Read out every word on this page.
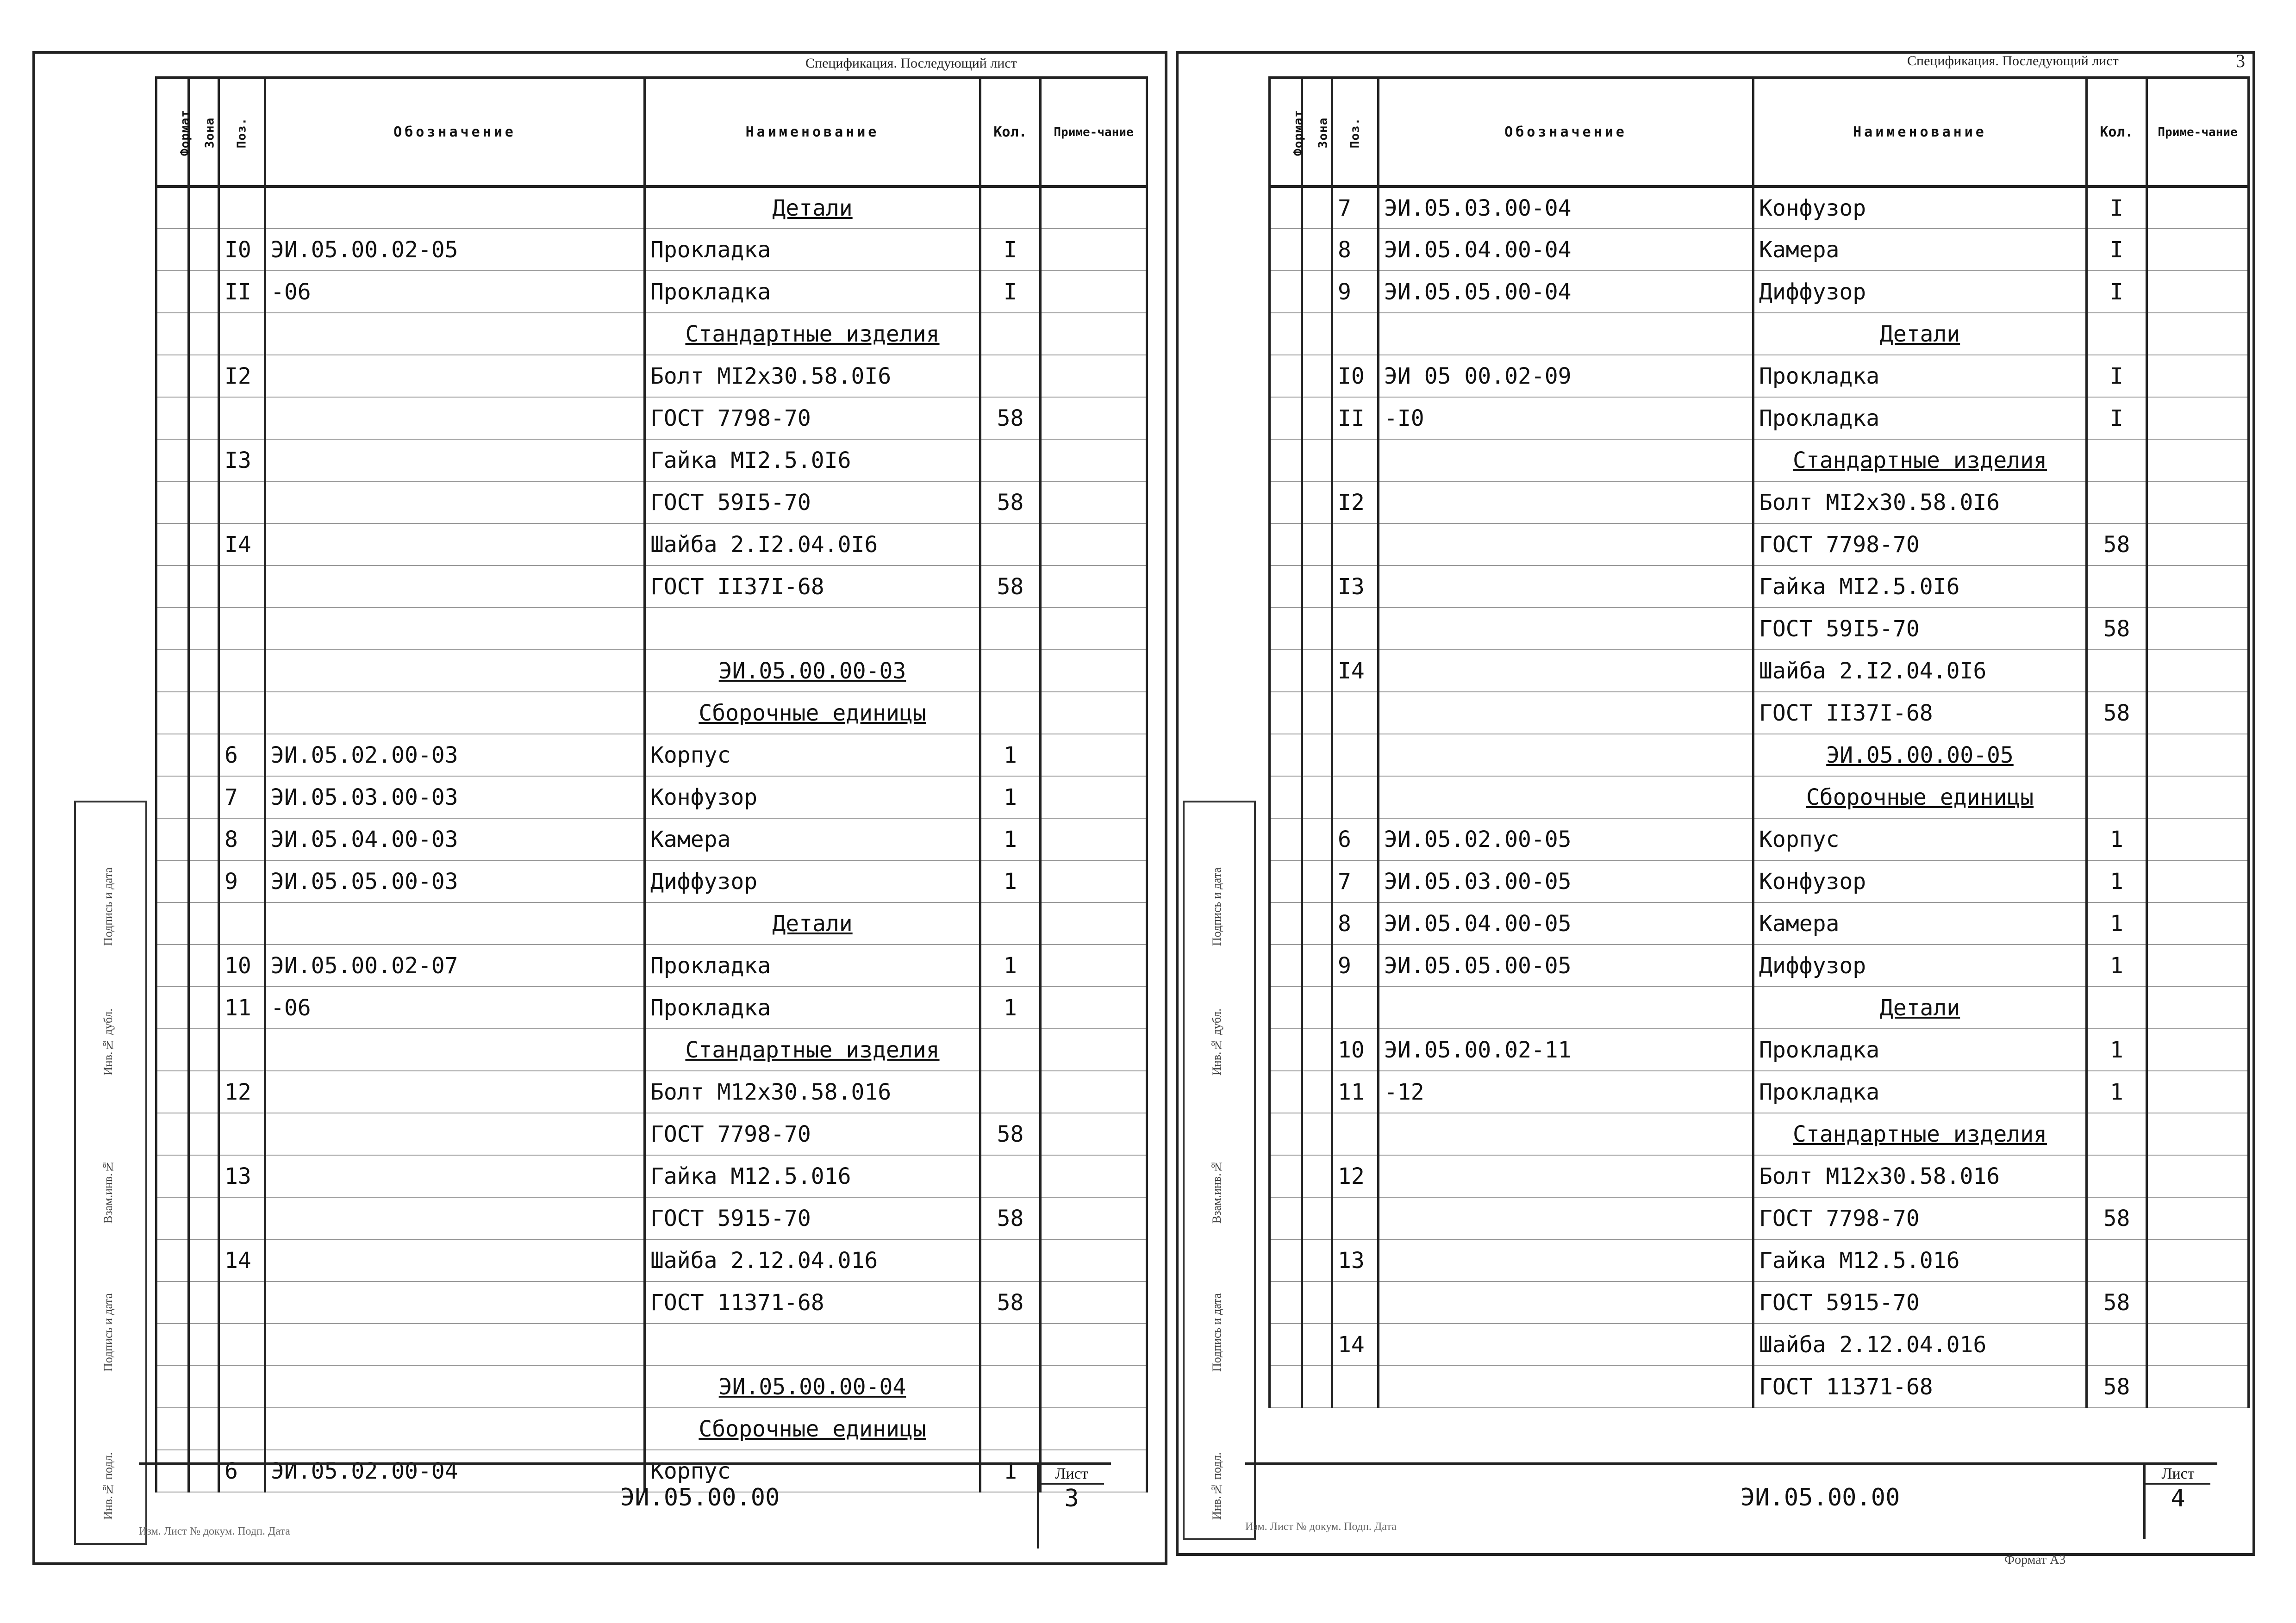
Спецификация. Последующий лист
Формат	Зона	Поз.	Обозначение	Наименование	Кол.	Приме-чание
				Детали		
		I0	ЭИ.05.00.02-05	Прокладка	I	
		II	-06	Прокладка	I	
				Стандартные изделия		
		I2		Болт MI2x30.58.0I6		
				ГОСТ 7798-70	58	
		I3		Гайка MI2.5.0I6		
				ГОСТ 59I5-70	58	
		I4		Шайба 2.I2.04.0I6		
				ГОСТ II37I-68	58	

				ЭИ.05.00.00-03		
				Сборочные единицы		
		6	ЭИ.05.02.00-03	Корпус	1	
		7	ЭИ.05.03.00-03	Конфузор	1	
		8	ЭИ.05.04.00-03	Камера	1	
		9	ЭИ.05.05.00-03	Диффузор	1	
				Детали		
		10	ЭИ.05.00.02-07	Прокладка	1	
		11	-06	Прокладка	1	
				Стандартные изделия		
		12		Болт M12x30.58.016		
				ГОСТ 7798-70	58	
		13		Гайка M12.5.016		
				ГОСТ 5915-70	58	
		14		Шайба 2.12.04.016		
				ГОСТ 11371-68	58	

				ЭИ.05.00.00-04		
				Сборочные единицы		
		6	ЭИ.05.02.00-04	Корпус	1	
Подпись и дата
Инв.№ дубл.
Взам.инв.№
Подпись и дата
Инв.№ подл.	ЭИ.05.00.00
Лист
3
Изм. Лист № докум. Подп. Дата
Спецификация. Последующий лист	3
Формат	Зона	Поз.	Обозначение	Наименование	Кол.	Приме-чание
		7	ЭИ.05.03.00-04	Конфузор	I	
		8	ЭИ.05.04.00-04	Камера	I	
		9	ЭИ.05.05.00-04	Диффузор	I	
				Детали		
		I0	ЭИ 05 00.02-09	Прокладка	I	
		II	-I0	Прокладка	I	
				Стандартные изделия		
		I2		Болт MI2x30.58.0I6		
				ГОСТ 7798-70	58	
		I3		Гайка MI2.5.0I6		
				ГОСТ 59I5-70	58	
		I4		Шайба 2.I2.04.0I6		
				ГОСТ II37I-68	58	
				ЭИ.05.00.00-05		
				Сборочные единицы		
		6	ЭИ.05.02.00-05	Корпус	1	
		7	ЭИ.05.03.00-05	Конфузор	1	
		8	ЭИ.05.04.00-05	Камера	1	
		9	ЭИ.05.05.00-05	Диффузор	1	
				Детали		
		10	ЭИ.05.00.02-11	Прокладка	1	
		11	-12	Прокладка	1	
				Стандартные изделия		
		12		Болт M12x30.58.016		
				ГОСТ 7798-70	58	
		13		Гайка M12.5.016		
				ГОСТ 5915-70	58	
		14		Шайба 2.12.04.016		
				ГОСТ 11371-68	58	
Подпись и дата
Инв.№ дубл.
Взам.инв.№
Подпись и дата
Инв.№ подл.	ЭИ.05.00.00
Лист
4
Изм. Лист № докум. Подп. Дата
Формат А3
